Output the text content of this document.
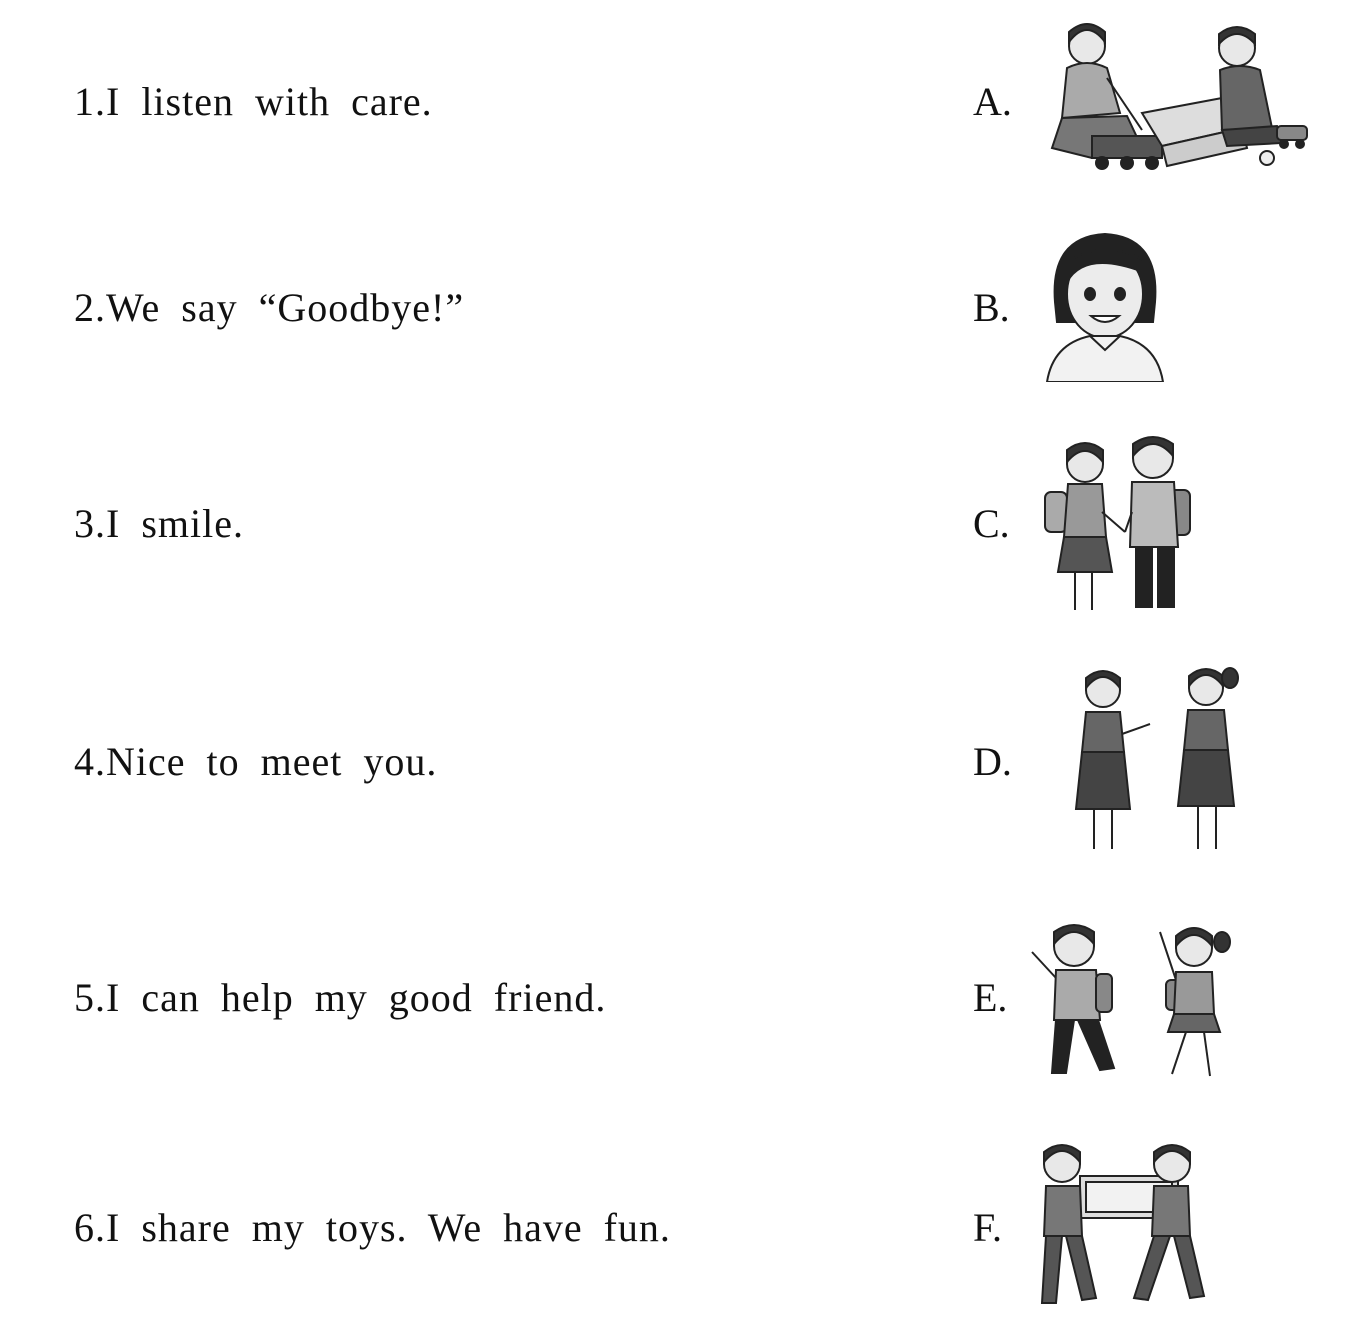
1.I listen with care.
2.We say “Goodbye!”
3.I smile.
4.Nice to meet you.
5.I can help my good friend.
6.I share my toys. We have fun.
A.
B.
C.
D.
E.
F.
